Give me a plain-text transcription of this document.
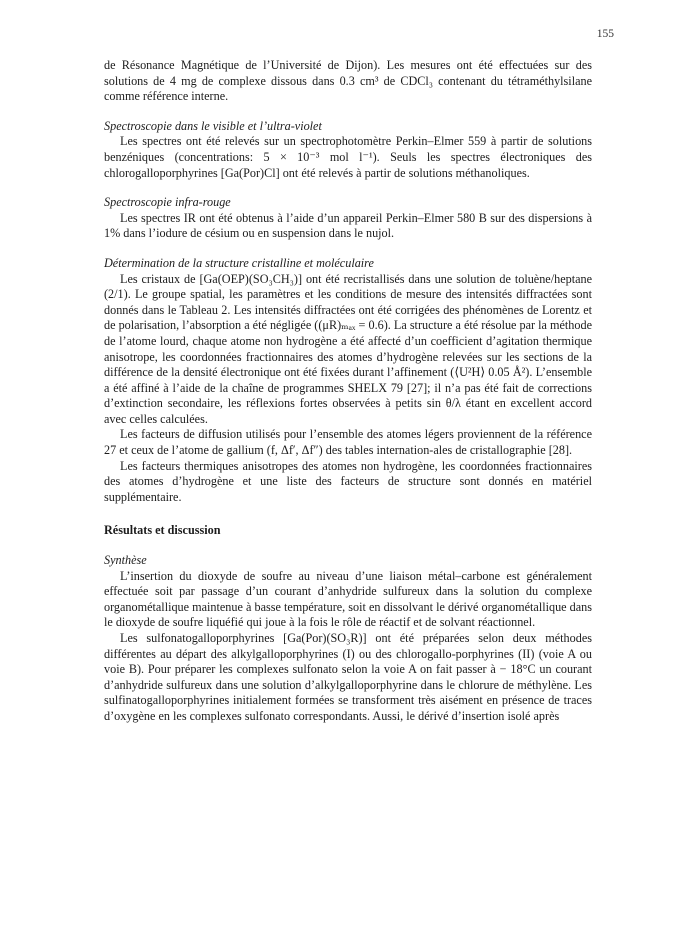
155

de Résonance Magnétique de l’Université de Dijon). Les mesures ont été effectuées sur des solutions de 4 mg de complexe dissous dans 0.3 cm³ de CDCl₃ contenant du tétraméthylsilane comme référence interne.

Spectroscopie dans le visible et l’ultra-violet

Les spectres ont été relevés sur un spectrophotomètre Perkin–Elmer 559 à partir de solutions benzéniques (concentrations: 5 × 10⁻³ mol l⁻¹). Seuls les spectres électroniques des chlorogalloporphyrines [Ga(Por)Cl] ont été relevés à partir de solutions méthanoliques.

Spectroscopie infra-rouge

Les spectres IR ont été obtenus à l’aide d’un appareil Perkin–Elmer 580 B sur des dispersions à 1% dans l’iodure de césium ou en suspension dans le nujol.

Détermination de la structure cristalline et moléculaire

Les cristaux de [Ga(OEP)(SO₃CH₃)] ont été recristallisés dans une solution de toluène/heptane (2/1). Le groupe spatial, les paramètres et les conditions de mesure des intensités diffractées sont donnés dans le Tableau 2. Les intensités diffractées ont été corrigées des phénomènes de Lorentz et de polarisation, l’absorption a été négligée ((μR)ₘₐₓ = 0.6). La structure a été résolue par la méthode de l’atome lourd, chaque atome non hydrogène a été affecté d’un coefficient d’agitation thermique anisotrope, les coordonnées fractionnaires des atomes d’hydrogène relevées sur les sections de la différence de la densité électronique ont été fixées durant l’affinement (⟨U²H⟩ 0.05 Å²). L’ensemble a été affiné à l’aide de la chaîne de programmes SHELX 79 [27]; il n’a pas été fait de corrections d’extinction secondaire, les réflexions fortes observées à petits sin θ/λ étant en excellent accord avec celles calculées.

Les facteurs de diffusion utilisés pour l’ensemble des atomes légers proviennent de la référence 27 et ceux de l’atome de gallium (f, Δf′, Δf″) des tables internation-ales de cristallographie [28].

Les facteurs thermiques anisotropes des atomes non hydrogène, les coordonnées fractionnaires des atomes d’hydrogène et une liste des facteurs de structure sont donnés en matériel supplémentaire.

Résultats et discussion

Synthèse

L’insertion du dioxyde de soufre au niveau d’une liaison métal–carbone est généralement effectuée soit par passage d’un courant d’anhydride sulfureux dans la solution du complexe organométallique maintenue à basse température, soit en dissolvant le dérivé organométallique dans le dioxyde de soufre liquéfié qui joue à la fois le rôle de réactif et de solvant réactionnel.

Les sulfonatogalloporphyrines [Ga(Por)(SO₃R)] ont été préparées selon deux méthodes différentes au départ des alkylgalloporphyrines (I) ou des chlorogallo-porphyrines (II) (voie A ou voie B). Pour préparer les complexes sulfonato selon la voie A on fait passer à − 18°C un courant d’anhydride sulfureux dans une solution d’alkylgalloporphyrine dans le chlorure de méthylène. Les sulfinatogalloporphyrines initialement formées se transforment très aisément en présence de traces d’oxygène en les complexes sulfonato correspondants. Aussi, le dérivé d’insertion isolé après
